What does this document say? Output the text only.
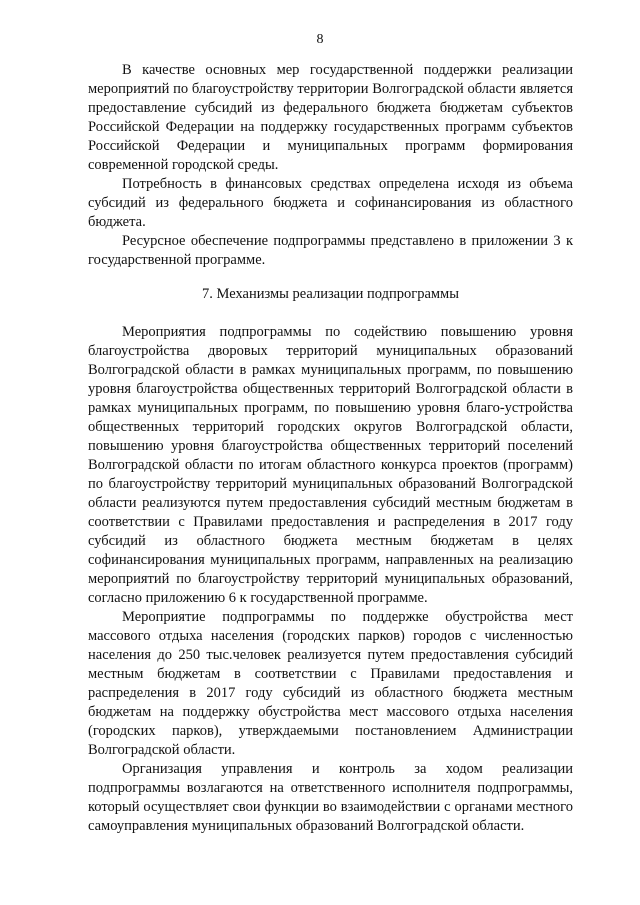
8

В качестве основных мер государственной поддержки реализации мероприятий по благоустройству территории Волгоградской области является предоставление субсидий из федерального бюджета бюджетам субъектов Российской Федерации на поддержку государственных программ субъектов Российской Федерации и муниципальных программ формирования современной городской среды.

Потребность в финансовых средствах определена исходя из объема субсидий из федерального бюджета и софинансирования из областного бюджета.

Ресурсное обеспечение подпрограммы представлено в приложении 3 к государственной программе.

7. Механизмы реализации подпрограммы

Мероприятия подпрограммы по содействию повышению уровня благоустройства дворовых территорий муниципальных образований Волгоградской области в рамках муниципальных программ, по повышению уровня благоустройства общественных территорий Волгоградской области в рамках муниципальных программ, по повышению уровня благо-устройства общественных территорий городских округов Волгоградской области, повышению уровня благоустройства общественных территорий поселений Волгоградской области по итогам областного конкурса проектов (программ) по благоустройству территорий муниципальных образований Волгоградской области реализуются путем предоставления субсидий местным бюджетам в соответствии с Правилами предоставления и распределения в 2017 году субсидий из областного бюджета местным бюджетам в целях софинансирования муниципальных программ, направленных на реализацию мероприятий по благоустройству территорий муниципальных образований, согласно приложению 6 к государственной программе.

Мероприятие подпрограммы по поддержке обустройства мест массового отдыха населения (городских парков) городов с численностью населения до 250 тыс.человек реализуется путем предоставления субсидий местным бюджетам в соответствии с Правилами предоставления и распределения в 2017 году субсидий из областного бюджета местным бюджетам на поддержку обустройства мест массового отдыха населения (городских парков), утверждаемыми постановлением Администрации Волгоградской области.

Организация управления и контроль за ходом реализации подпрограммы возлагаются на ответственного исполнителя подпрограммы, который осуществляет свои функции во взаимодействии с органами местного самоуправления муниципальных образований Волгоградской области.
